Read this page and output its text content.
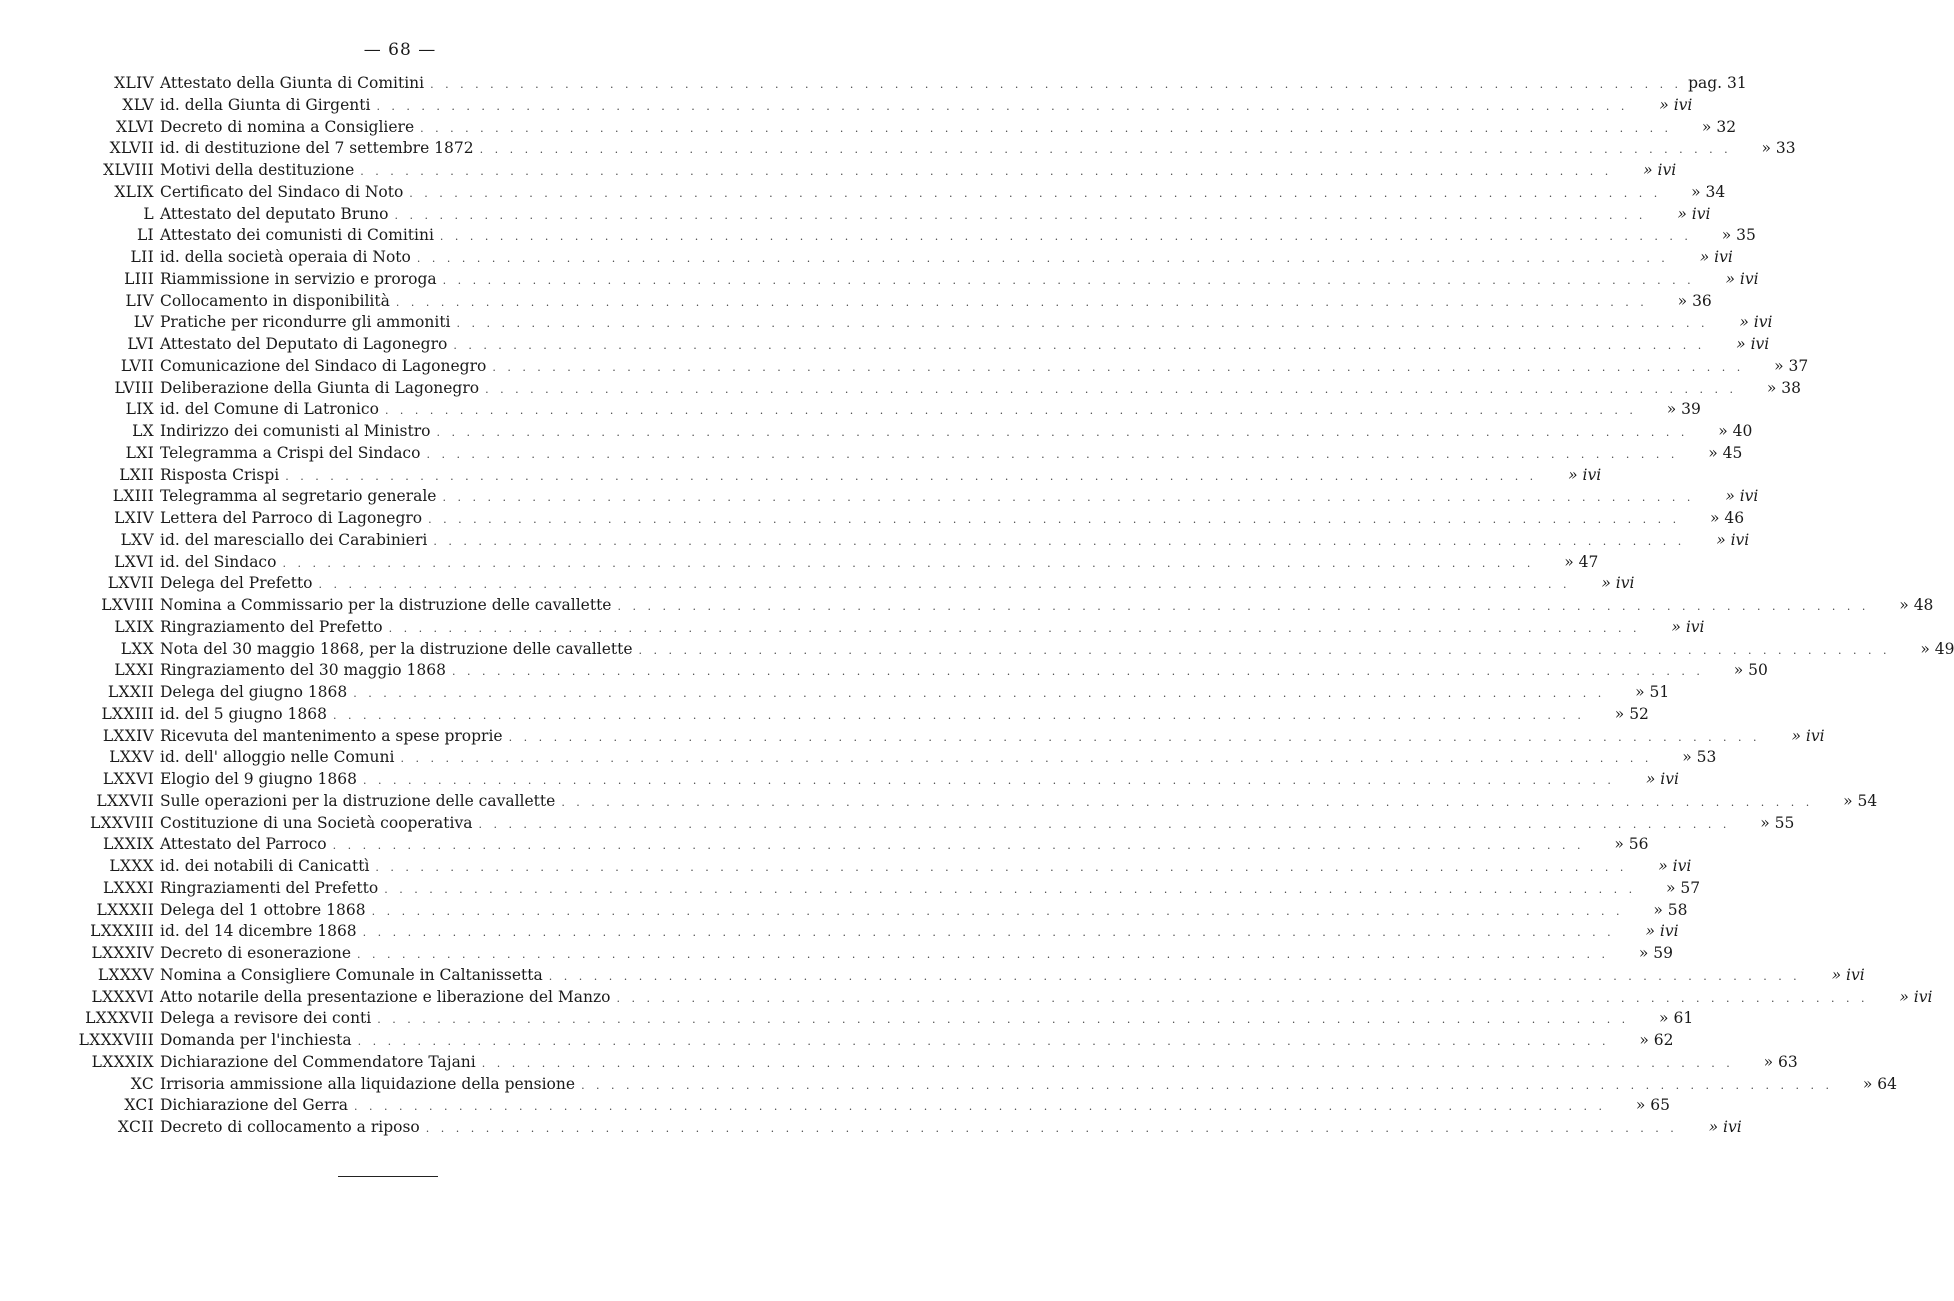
— 68 —
XLIV Attestato della Giunta di Comitini . . .	pag. 31
XLV id. della Giunta di Girgenti . . .	» ivi
XLVI Decreto di nomina a Consigliere . . .	» 32
XLVII id. di destituzione del 7 settembre 1872 . . .	» 33
XLVIII Motivi della destituzione . . .	» ivi
XLIX Certificato del Sindaco di Noto . . .	» 34
L Attestato del deputato Bruno . . .	» ivi
LI Attestato dei comunisti di Comitini . . .	» 35
LII id. della società operaia di Noto . . .	» ivi
LIII Riammissione in servizio e proroga . . .	» ivi
LIV Collocamento in disponibilità . . .	» 36
LV Pratiche per ricondurre gli ammoniti . . .	» ivi
LVI Attestato del Deputato di Lagonegro . . .	» ivi
LVII Comunicazione del Sindaco di Lagonegro . . .	» 37
LVIII Deliberazione della Giunta di Lagonegro . . .	» 38
LIX id. del Comune di Latronico . . .	» 39
LX Indirizzo dei comunisti al Ministro . . .	» 40
LXI Telegramma a Crispi del Sindaco . . .	» 45
LXII Risposta Crispi . . .	» ivi
LXIII Telegramma al segretario generale . . .	» ivi
LXIV Lettera del Parroco di Lagonegro . . .	» 46
LXV id. del maresciallo dei Carabinieri . . .	» ivi
LXVI id. del Sindaco . . .	» 47
LXVII Delega del Prefetto . . .	» ivi
LXVIII Nomina a Commissario per la distruzione delle cavallette . . .	» 48
LXIX Ringraziamento del Prefetto . . .	» ivi
LXX Nota del 30 maggio 1868, per la distruzione delle cavallette . . .	» 49
LXXI Ringraziamento del 30 maggio 1868 . . .	» 50
LXXII Delega del giugno 1868 . . .	» 51
LXXIII id. del 5 giugno 1868 . . .	» 52
LXXIV Ricevuta del mantenimento a spese proprie . . .	» ivi
LXXV id. dell' alloggio nelle Comuni . . .	» 53
LXXVI Elogio del 9 giugno 1868 . . .	» ivi
LXXVII Sulle operazioni per la distruzione delle cavallette . . .	» 54
LXXVIII Costituzione di una Società cooperativa . . .	» 55
LXXIX Attestato del Parroco . . .	» 56
LXXX id. dei notabili di Canicattì . . .	» ivi
LXXXI Ringraziamenti del Prefetto . . .	» 57
LXXXII Delega del 1 ottobre 1868 . . .	» 58
LXXXIII id. del 14 dicembre 1868 . . .	» ivi
LXXXIV Decreto di esonerazione . . .	» 59
LXXXV Nomina a Consigliere Comunale in Caltanissetta . . .	» ivi
LXXXVI Atto notarile della presentazione e liberazione del Manzo . . .	» ivi
LXXXVII Delega a revisore dei conti . . .	» 61
LXXXVIII Domanda per l'inchiesta . . .	» 62
LXXXIX Dichiarazione del Commendatore Tajani . . .	» 63
XC Irrisoria ammissione alla liquidazione della pensione . . .	» 64
XCI Dichiarazione del Gerra . . .	» 65
XCII Decreto di collocamento a riposo . . .	» ivi
